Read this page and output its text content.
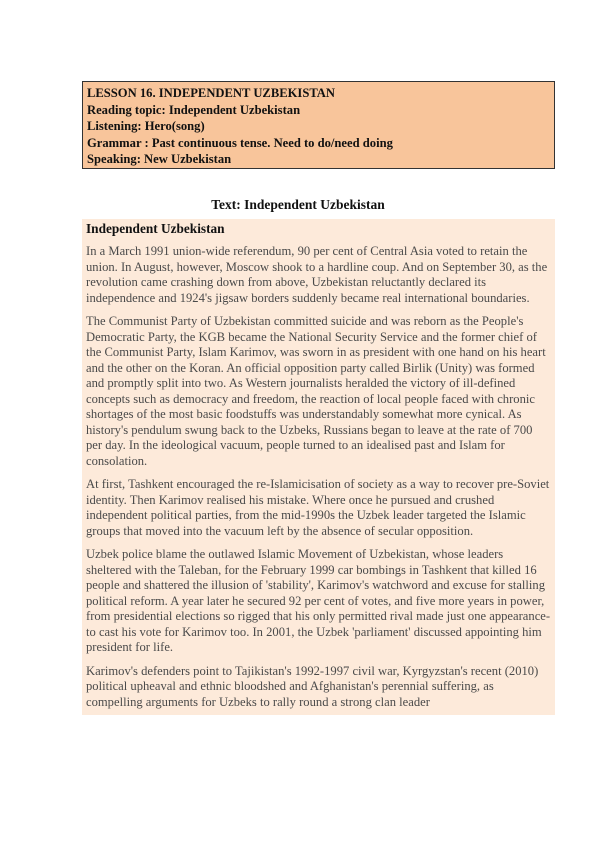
LESSON 16. INDEPENDENT UZBEKISTAN
Reading topic: Independent Uzbekistan
Listening: Hero(song)
Grammar : Past continuous tense. Need to do/need doing
Speaking: New Uzbekistan
Text: Independent Uzbekistan
Independent Uzbekistan
In a March 1991 union-wide referendum, 90 per cent of Central Asia voted to retain the union. In August, however, Moscow shook to a hardline coup. And on September 30, as the revolution came crashing down from above, Uzbekistan reluctantly declared its independence and 1924's jigsaw borders suddenly became real international boundaries.
The Communist Party of Uzbekistan committed suicide and was reborn as the People's Democratic Party, the KGB became the National Security Service and the former chief of the Communist Party, Islam Karimov, was sworn in as president with one hand on his heart and the other on the Koran. An official opposition party called Birlik (Unity) was formed and promptly split into two. As Western journalists heralded the victory of ill-defined concepts such as democracy and freedom, the reaction of local people faced with chronic shortages of the most basic foodstuffs was understandably somewhat more cynical. As history's pendulum swung back to the Uzbeks, Russians began to leave at the rate of 700 per day. In the ideological vacuum, people turned to an idealised past and Islam for consolation.
At first, Tashkent encouraged the re-Islamicisation of society as a way to recover pre-Soviet identity. Then Karimov realised his mistake. Where once he pursued and crushed independent political parties, from the mid-1990s the Uzbek leader targeted the Islamic groups that moved into the vacuum left by the absence of secular opposition.
Uzbek police blame the outlawed Islamic Movement of Uzbekistan, whose leaders sheltered with the Taleban, for the February 1999 car bombings in Tashkent that killed 16 people and shattered the illusion of 'stability', Karimov's watchword and excuse for stalling political reform. A year later he secured 92 per cent of votes, and five more years in power, from presidential elections so rigged that his only permitted rival made just one appearance-to cast his vote for Karimov too. In 2001, the Uzbek 'parliament' discussed appointing him president for life.
Karimov's defenders point to Tajikistan's 1992-1997 civil war, Kyrgyzstan's recent (2010) political upheaval and ethnic bloodshed and Afghanistan's perennial suffering, as compelling arguments for Uzbeks to rally round a strong clan leader
